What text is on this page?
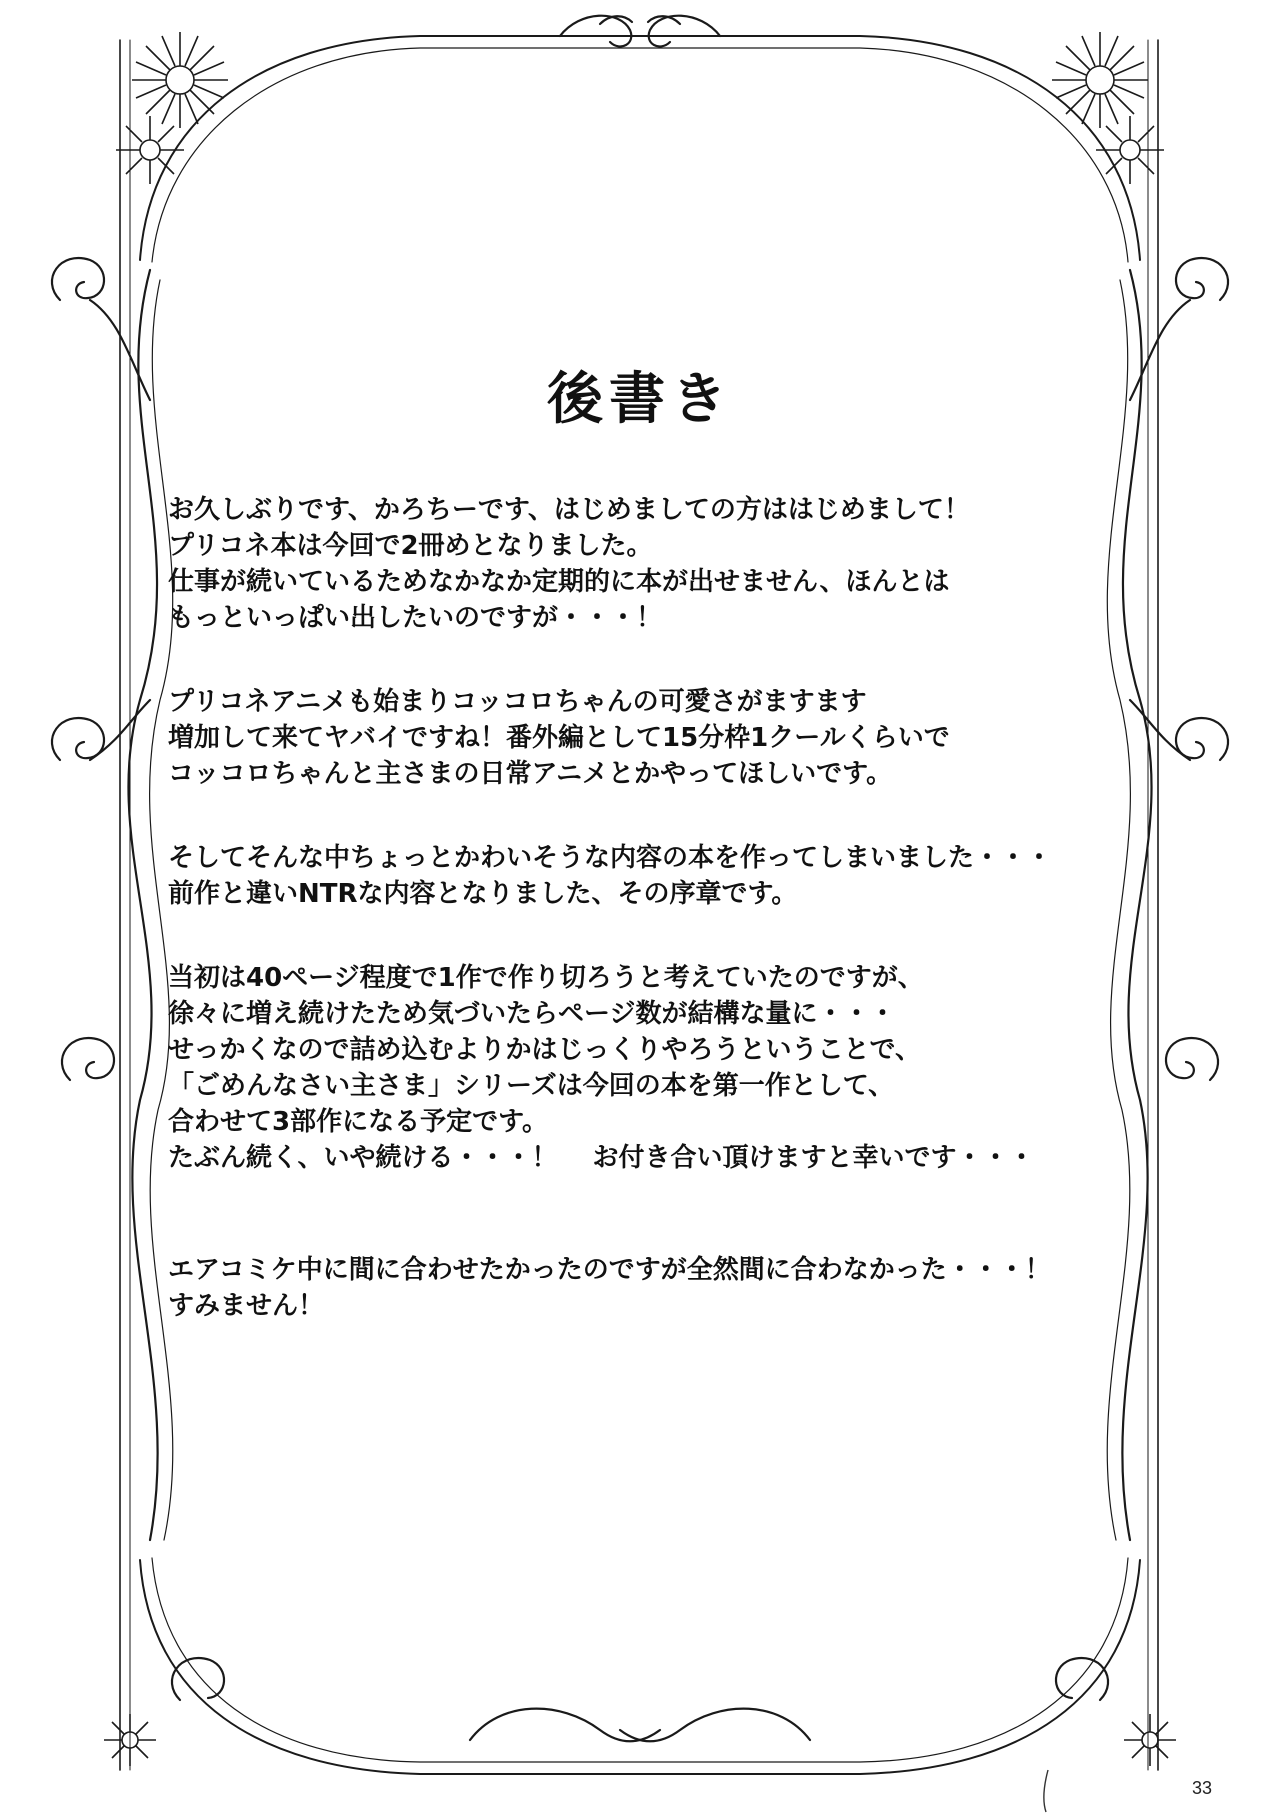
後書き
お久しぶりです、かろちーです、はじめましての方ははじめまして！
プリコネ本は今回で2冊めとなりました。
仕事が続いているためなかなか定期的に本が出せません、ほんとは
もっといっぱい出したいのですが・・・！
プリコネアニメも始まりコッコロちゃんの可愛さがますます
増加して来てヤバイですね！番外編として15分枠1クールくらいで
コッコロちゃんと主さまの日常アニメとかやってほしいです。
そしてそんな中ちょっとかわいそうな内容の本を作ってしまいました・・・
前作と違いNTRな内容となりました、その序章です。
当初は40ページ程度で1作で作り切ろうと考えていたのですが、
徐々に増え続けたため気づいたらページ数が結構な量に・・・
せっかくなので詰め込むよりかはじっくりやろうということで、
「ごめんなさい主さま」シリーズは今回の本を第一作として、
合わせて3部作になる予定です。
たぶん続く、いや続ける・・・！　 お付き合い頂けますと幸いです・・・
エアコミケ中に間に合わせたかったのですが全然間に合わなかった・・・！
すみません！
33
